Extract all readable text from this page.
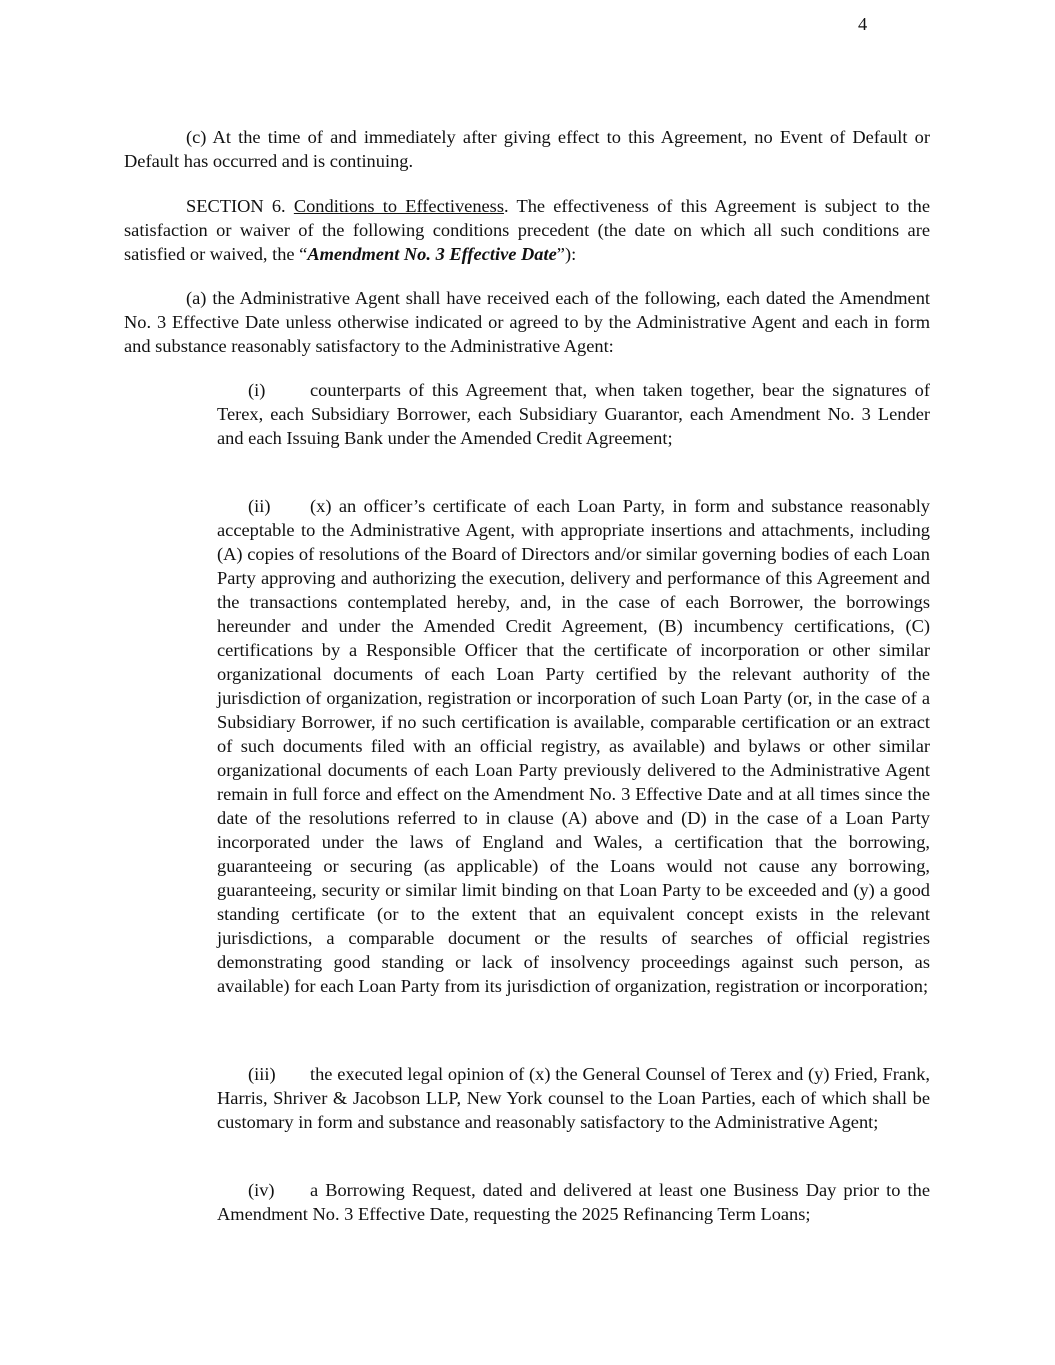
4

(c) At the time of and immediately after giving effect to this Agreement, no Event of Default or Default has occurred and is continuing.

SECTION 6. Conditions to Effectiveness. The effectiveness of this Agreement is subject to the satisfaction or waiver of the following conditions precedent (the date on which all such conditions are satisfied or waived, the “Amendment No. 3 Effective Date”):

(a) the Administrative Agent shall have received each of the following, each dated the Amendment No. 3 Effective Date unless otherwise indicated or agreed to by the Administrative Agent and each in form and substance reasonably satisfactory to the Administrative Agent:

(i) counterparts of this Agreement that, when taken together, bear the signatures of Terex, each Subsidiary Borrower, each Subsidiary Guarantor, each Amendment No. 3 Lender and each Issuing Bank under the Amended Credit Agreement;

(ii) (x) an officer’s certificate of each Loan Party, in form and substance reasonably acceptable to the Administrative Agent, with appropriate insertions and attachments, including (A) copies of resolutions of the Board of Directors and/or similar governing bodies of each Loan Party approving and authorizing the execution, delivery and performance of this Agreement and the transactions contemplated hereby, and, in the case of each Borrower, the borrowings hereunder and under the Amended Credit Agreement, (B) incumbency certifications, (C) certifications by a Responsible Officer that the certificate of incorporation or other similar organizational documents of each Loan Party certified by the relevant authority of the jurisdiction of organization, registration or incorporation of such Loan Party (or, in the case of a Subsidiary Borrower, if no such certification is available, comparable certification or an extract of such documents filed with an official registry, as available) and bylaws or other similar organizational documents of each Loan Party previously delivered to the Administrative Agent remain in full force and effect on the Amendment No. 3 Effective Date and at all times since the date of the resolutions referred to in clause (A) above and (D) in the case of a Loan Party incorporated under the laws of England and Wales, a certification that the borrowing, guaranteeing or securing (as applicable) of the Loans would not cause any borrowing, guaranteeing, security or similar limit binding on that Loan Party to be exceeded and (y) a good standing certificate (or to the extent that an equivalent concept exists in the relevant jurisdictions, a comparable document or the results of searches of official registries demonstrating good standing or lack of insolvency proceedings against such person, as available) for each Loan Party from its jurisdiction of organization, registration or incorporation;

(iii) the executed legal opinion of (x) the General Counsel of Terex and (y) Fried, Frank, Harris, Shriver & Jacobson LLP, New York counsel to the Loan Parties, each of which shall be customary in form and substance and reasonably satisfactory to the Administrative Agent;

(iv) a Borrowing Request, dated and delivered at least one Business Day prior to the Amendment No. 3 Effective Date, requesting the 2025 Refinancing Term Loans;
